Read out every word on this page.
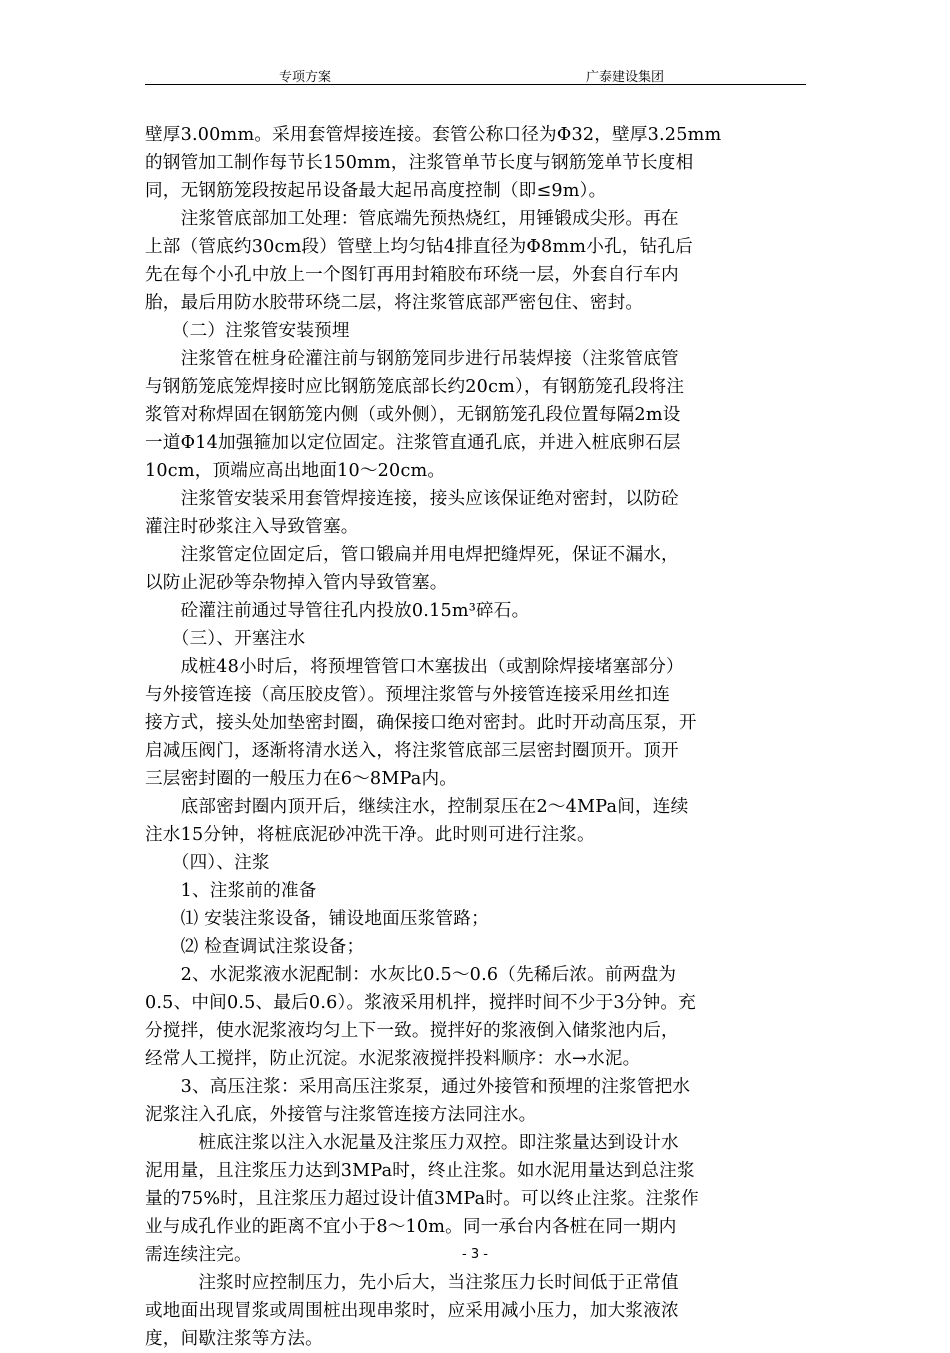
专项方案	广泰建设集团
壁厚3.00mm。采用套管焊接连接。套管公称口径为Φ32，壁厚3.25mm
的钢管加工制作每节长150mm，注浆管单节长度与钢筋笼单节长度相
同，无钢筋笼段按起吊设备最大起吊高度控制（即≤9m）。
　　注浆管底部加工处理：管底端先预热烧红，用锤锻成尖形。再在
上部（管底约30cm段）管壁上均匀钻4排直径为Φ8mm小孔，钻孔后
先在每个小孔中放上一个图钉再用封箱胶布环绕一层，外套自行车内
胎，最后用防水胶带环绕二层，将注浆管底部严密包住、密封。
　　（二）注浆管安装预埋
　　注浆管在桩身砼灌注前与钢筋笼同步进行吊装焊接（注浆管底管
与钢筋笼底笼焊接时应比钢筋笼底部长约20cm），有钢筋笼孔段将注
浆管对称焊固在钢筋笼内侧（或外侧），无钢筋笼孔段位置每隔2m设
一道Φ14加强箍加以定位固定。注浆管直通孔底，并进入桩底卵石层
10cm，顶端应高出地面10～20cm。
　　注浆管安装采用套管焊接连接，接头应该保证绝对密封，以防砼
灌注时砂浆注入导致管塞。
　　注浆管定位固定后，管口锻扁并用电焊把缝焊死，保证不漏水，
以防止泥砂等杂物掉入管内导致管塞。
　　砼灌注前通过导管往孔内投放0.15m³碎石。
　　（三）、开塞注水
　　成桩48小时后，将预埋管管口木塞拔出（或割除焊接堵塞部分）
与外接管连接（高压胶皮管）。预埋注浆管与外接管连接采用丝扣连
接方式，接头处加垫密封圈，确保接口绝对密封。此时开动高压泵，开
启减压阀门，逐渐将清水送入，将注浆管底部三层密封圈顶开。顶开
三层密封圈的一般压力在6～8MPa内。
　　底部密封圈内顶开后，继续注水，控制泵压在2～4MPa间，连续
注水15分钟，将桩底泥砂冲洗干净。此时则可进行注浆。
　　（四）、注浆
　　1、注浆前的准备
　　⑴ 安装注浆设备，铺设地面压浆管路；
　　⑵ 检查调试注浆设备；
　　2、水泥浆液水泥配制：水灰比0.5～0.6（先稀后浓。前两盘为
0.5、中间0.5、最后0.6）。浆液采用机拌，搅拌时间不少于3分钟。充
分搅拌，使水泥浆液均匀上下一致。搅拌好的浆液倒入储浆池内后，
经常人工搅拌，防止沉淀。水泥浆液搅拌投料顺序：水→水泥。
　　3、高压注浆：采用高压注浆泵，通过外接管和预埋的注浆管把水
泥浆注入孔底，外接管与注浆管连接方法同注水。
　　　桩底注浆以注入水泥量及注浆压力双控。即注浆量达到设计水
泥用量，且注浆压力达到3MPa时，终止注浆。如水泥用量达到总注浆
量的75%时，且注浆压力超过设计值3MPa时。可以终止注浆。注浆作
业与成孔作业的距离不宜小于8～10m。同一承台内各桩在同一期内
需连续注完。
　　　注浆时应控制压力，先小后大，当注浆压力长时间低于正常值
或地面出现冒浆或周围桩出现串浆时，应采用减小压力，加大浆液浓
度，间歇注浆等方法。
- 3 -
